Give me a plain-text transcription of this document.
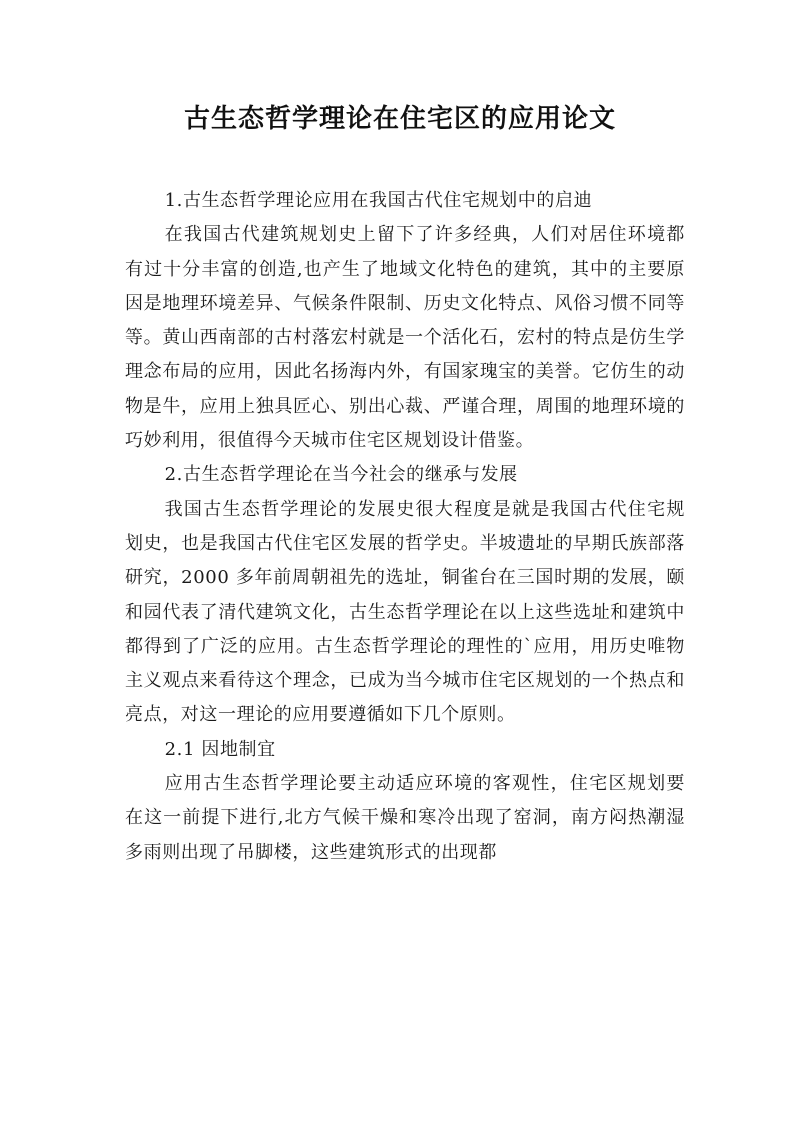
古生态哲学理论在住宅区的应用论文

1.古生态哲学理论应用在我国古代住宅规划中的启迪

在我国古代建筑规划史上留下了许多经典，人们对居住环境都有过十分丰富的创造,也产生了地域文化特色的建筑，其中的主要原因是地理环境差异、气候条件限制、历史文化特点、风俗习惯不同等等。黄山西南部的古村落宏村就是一个活化石，宏村的特点是仿生学理念布局的应用，因此名扬海内外，有国家瑰宝的美誉。它仿生的动物是牛，应用上独具匠心、别出心裁、严谨合理，周围的地理环境的巧妙利用，很值得今天城市住宅区规划设计借鉴。

2.古生态哲学理论在当今社会的继承与发展

我国古生态哲学理论的发展史很大程度是就是我国古代住宅规划史，也是我国古代住宅区发展的哲学史。半坡遗址的早期氏族部落研究，2000 多年前周朝祖先的选址，铜雀台在三国时期的发展，颐和园代表了清代建筑文化，古生态哲学理论在以上这些选址和建筑中都得到了广泛的应用。古生态哲学理论的理性的`应用，用历史唯物主义观点来看待这个理念，已成为当今城市住宅区规划的一个热点和亮点，对这一理论的应用要遵循如下几个原则。

2.1 因地制宜

应用古生态哲学理论要主动适应环境的客观性，住宅区规划要在这一前提下进行,北方气候干燥和寒冷出现了窑洞，南方闷热潮湿多雨则出现了吊脚楼，这些建筑形式的出现都
